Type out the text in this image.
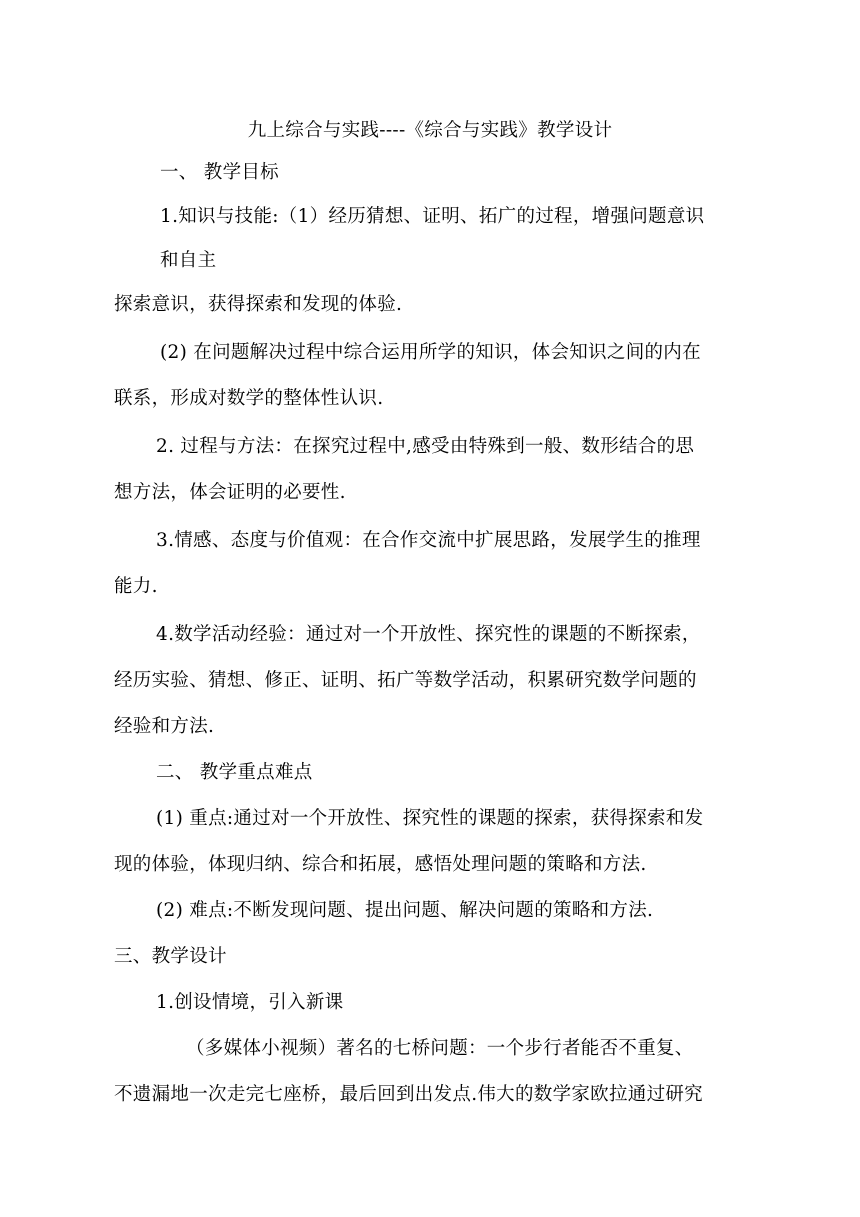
九上综合与实践----《综合与实践》教学设计
一、 教学目标
1.知识与技能:（1）经历猜想、证明、拓广的过程，增强问题意识
和自主
探索意识，获得探索和发现的体验.
(2) 在问题解决过程中综合运用所学的知识，体会知识之间的内在
联系，形成对数学的整体性认识.
2. 过程与方法：在探究过程中,感受由特殊到一般、数形结合的思
想方法，体会证明的必要性.
3.情感、态度与价值观：在合作交流中扩展思路，发展学生的推理
能力.
4.数学活动经验：通过对一个开放性、探究性的课题的不断探索，
经历实验、猜想、修正、证明、拓广等数学活动，积累研究数学问题的
经验和方法.
二、 教学重点难点
(1) 重点:通过对一个开放性、探究性的课题的探索，获得探索和发
现的体验，体现归纳、综合和拓展，感悟处理问题的策略和方法.
(2) 难点:不断发现问题、提出问题、解决问题的策略和方法.
三、教学设计
1.创设情境，引入新课
（多媒体小视频）著名的七桥问题：一个步行者能否不重复、
不遗漏地一次走完七座桥，最后回到出发点.伟大的数学家欧拉通过研究
